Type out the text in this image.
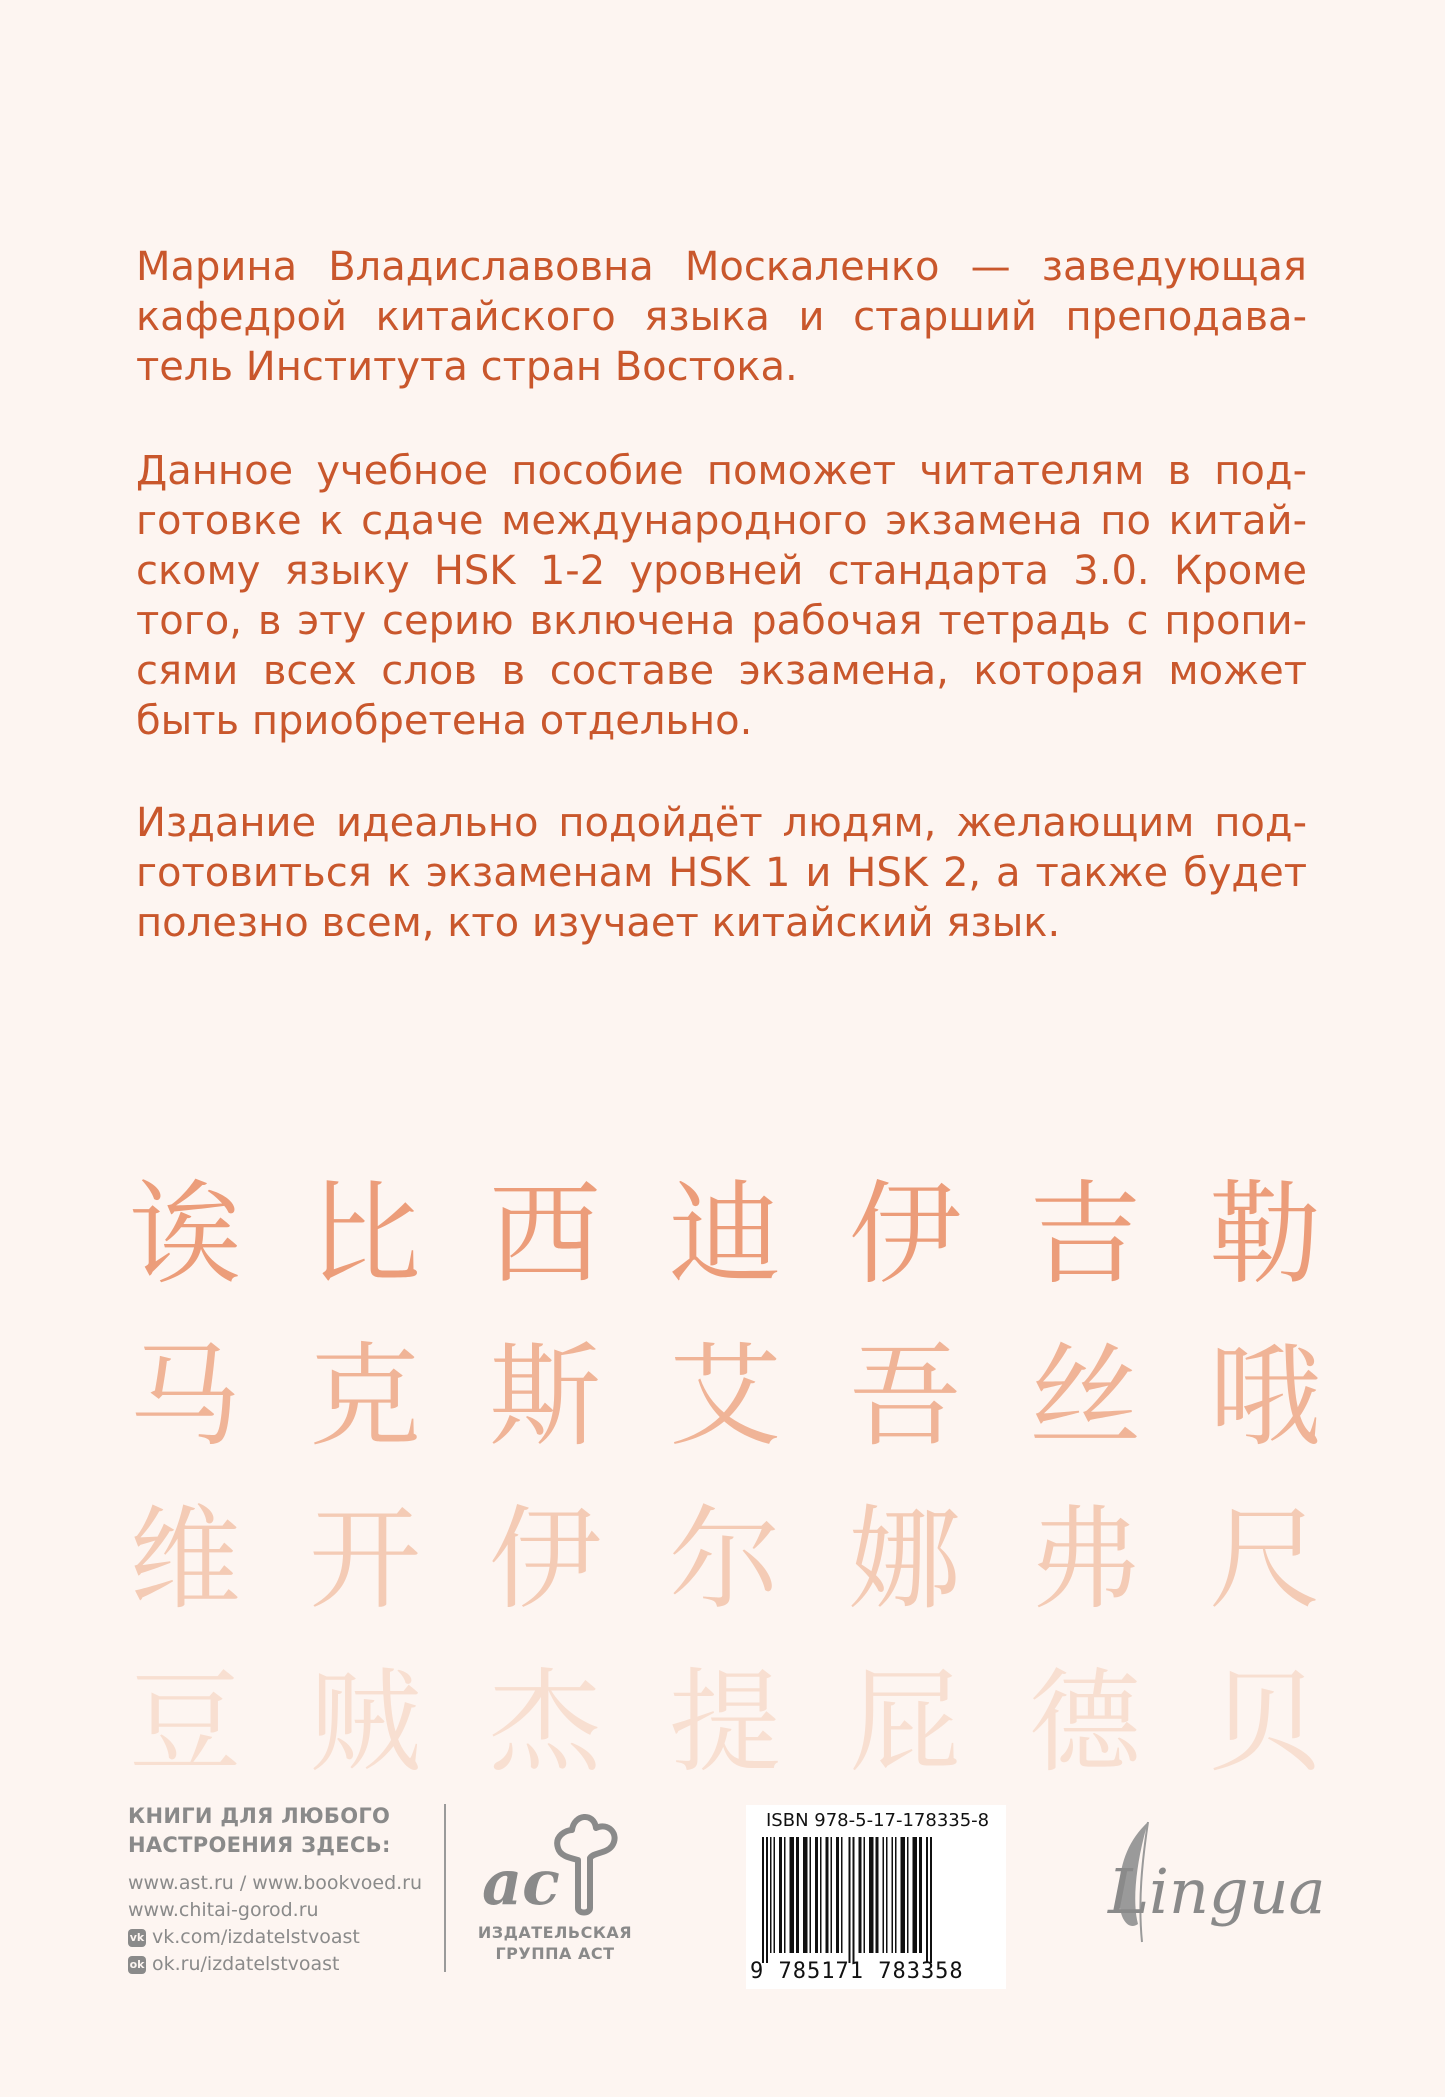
Марина Владиславовна Москаленко — заведующая кафедрой китайского языка и старший преподаватель Института стран Востока.

Данное учебное пособие поможет читателям в подготовке к сдаче международного экзамена по китайскому языку HSK 1-2 уровней стандарта 3.0. Кроме того, в эту серию включена рабочая тетрадь с прописями всех слов в составе экзамена, которая может быть приобретена отдельно.

Издание идеально подойдёт людям, желающим подготовиться к экзаменам HSK 1 и HSK 2, а также будет полезно всем, кто изучает китайский язык.

诶 比 西 迪 伊 吉 勒
马 克 斯 艾 吾 丝 哦
维 开 伊 尔 娜 弗 尺
豆 贼 杰 提 屁 德 贝
КНИГИ ДЛЯ ЛЮБОГО
НАСТРОЕНИЯ ЗДЕСЬ:
www.ast.ru / www.bookvoed.ru
www.chitai-gorod.ru
vk vk.com/izdatelstvoast
ok ok.ru/izdatelstvoast
ас
ИЗДАТЕЛЬСКАЯ
ГРУППА АСТ
ISBN 978-5-17-178335-8
9 785171 783358
Lingua
